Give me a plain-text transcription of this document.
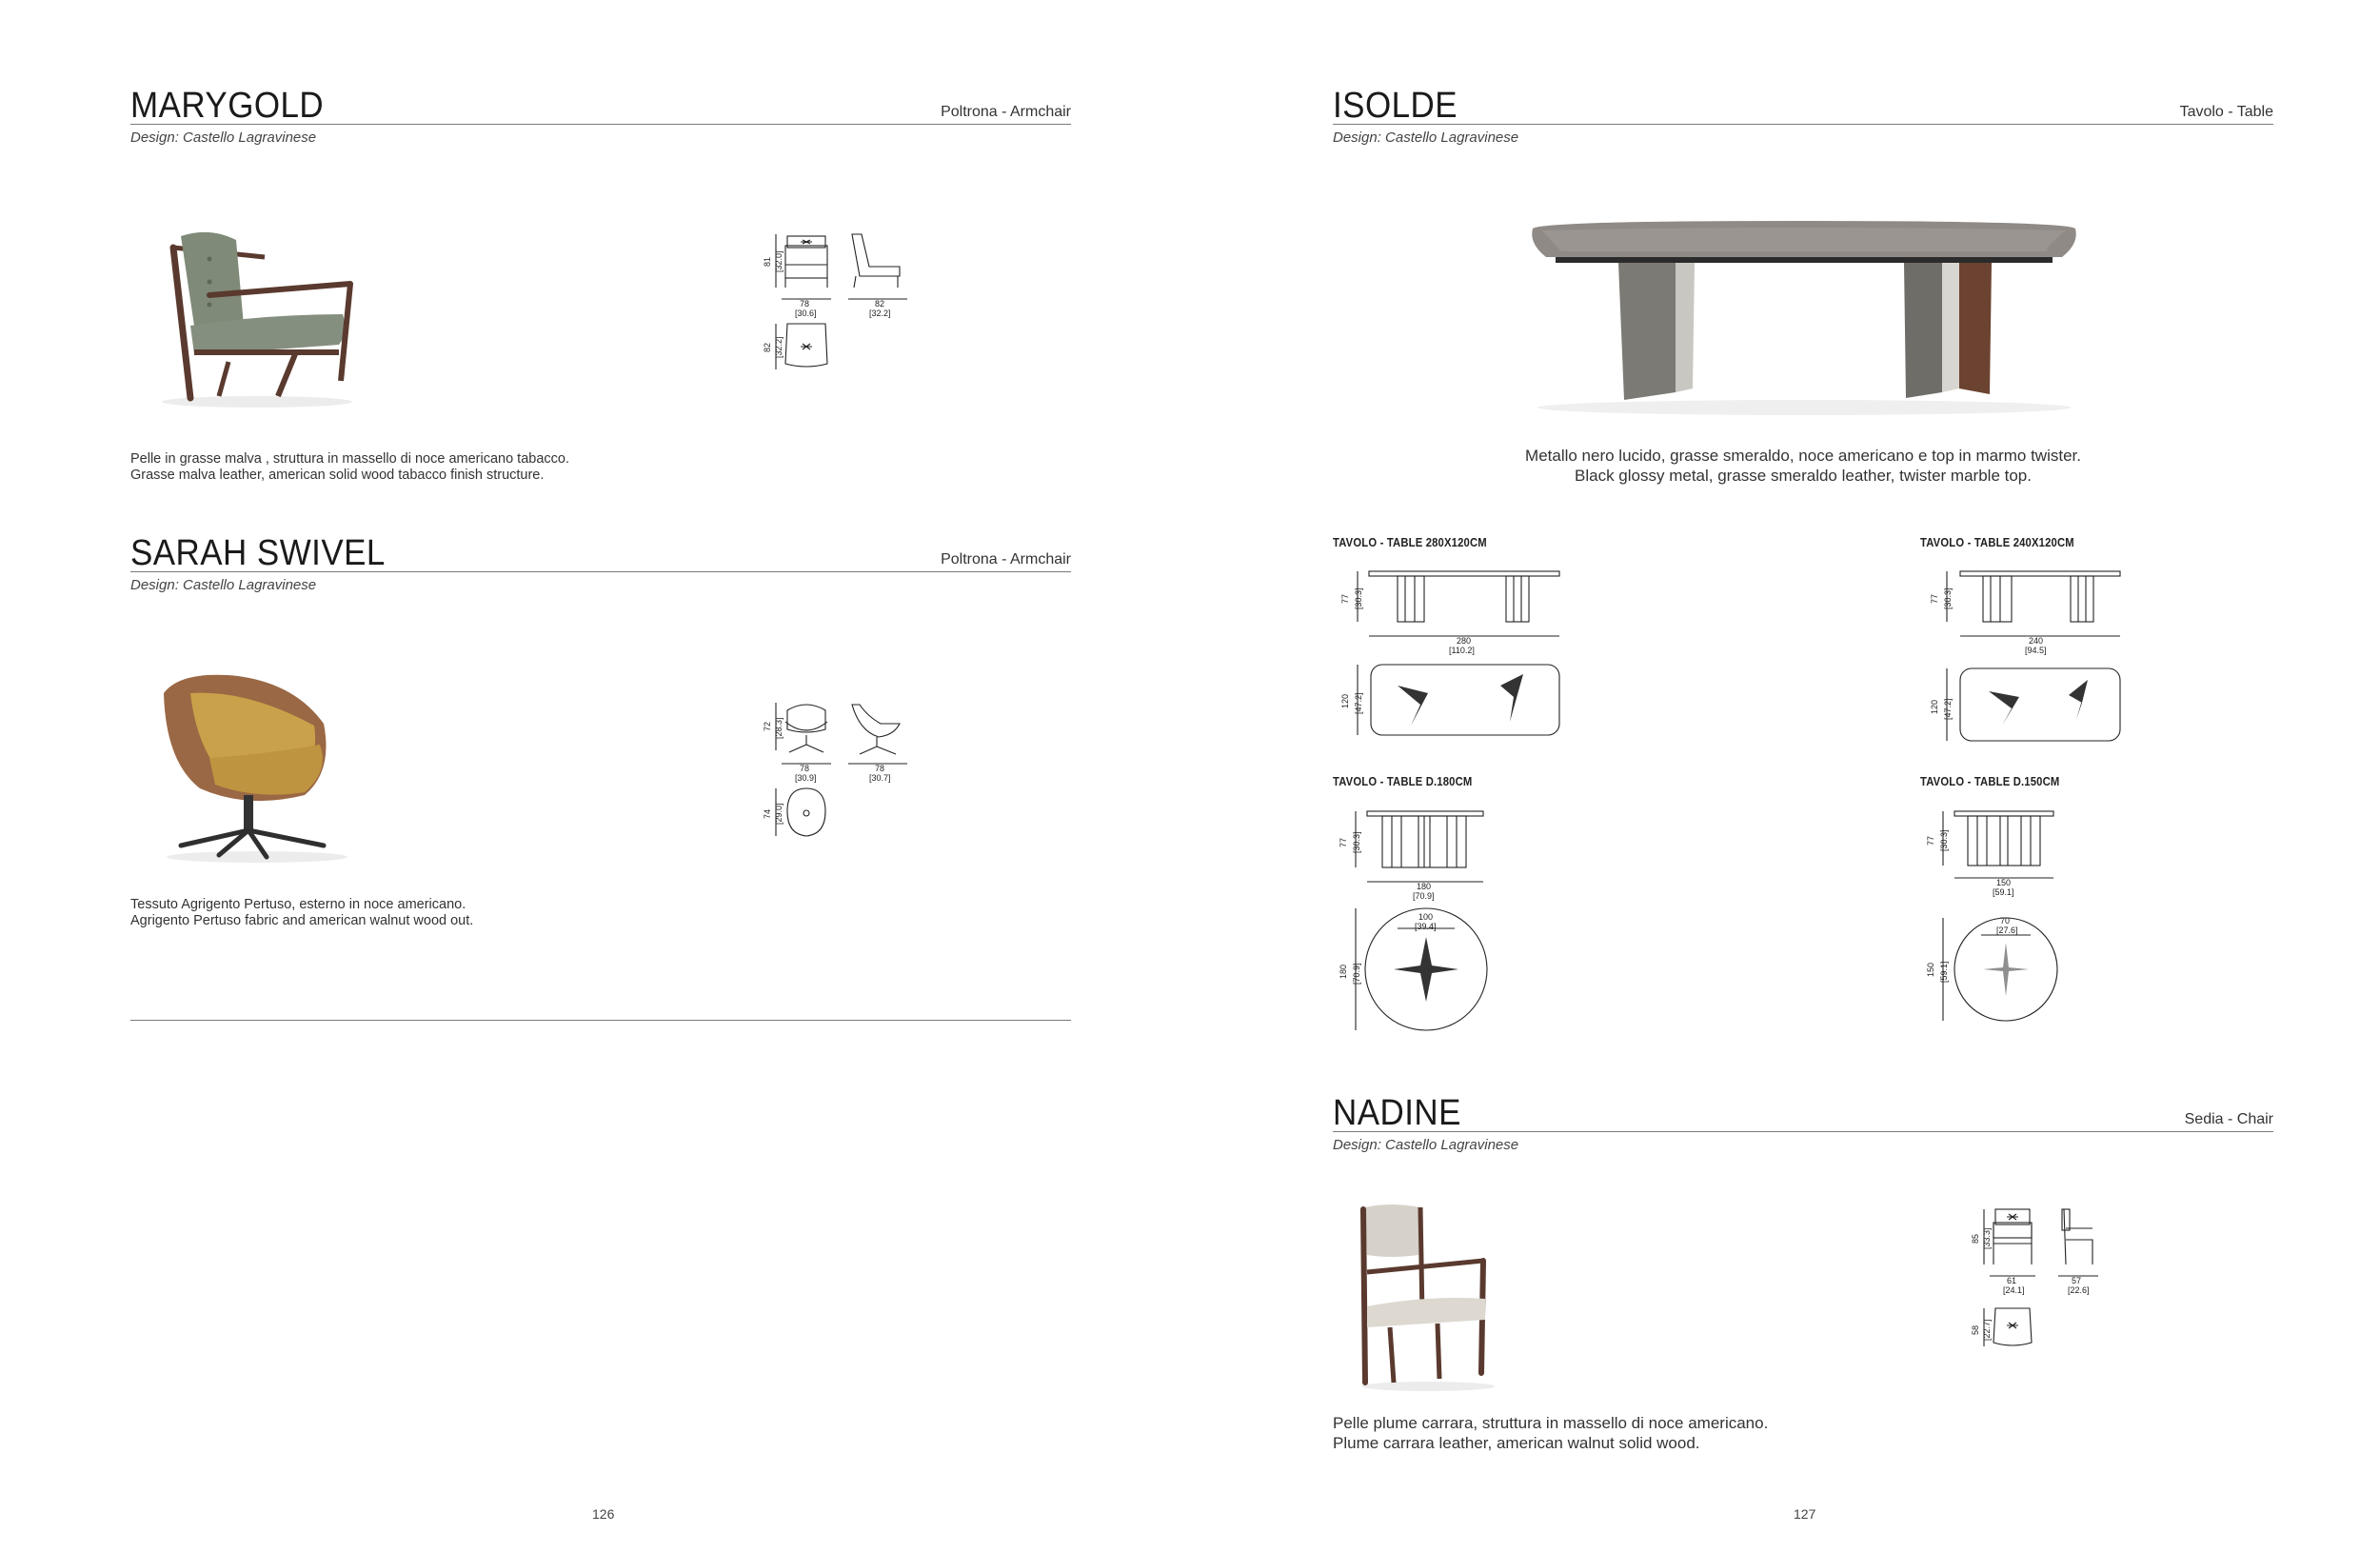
MARYGOLD	Poltrona - Armchair
Design: Castello Lagravinese
81 [32.0]
78
[30.6]
82
[32.2]
82 [32.2]
Pelle in grasse malva , struttura in massello di noce americano tabacco.
Grasse malva leather, american solid wood tabacco finish structure.
SARAH SWIVEL	Poltrona - Armchair
Design: Castello Lagravinese
72 [28.3]
78
[30.9]
78
[30.7]
74 [29.0]
Tessuto Agrigento Pertuso, esterno in noce americano.
Agrigento Pertuso fabric and american walnut wood out.
126
ISOLDE	Tavolo - Table
Design: Castello Lagravinese
Metallo nero lucido, grasse smeraldo, noce americano e top in marmo twister.
Black glossy metal, grasse smeraldo leather, twister marble top.
TAVOLO - TABLE 280X120CM	TAVOLO - TABLE 240X120CM
TAVOLO - TABLE D.180CM	TAVOLO - TABLE D.150CM
77 [30.3]
280
[110.2]
120 [47.2]
77 [30.3]
240
[94.5]
120 [47.2]
77 [30.3]
180
[70.9]
100
[39.4]
180 [70.9]
77 [30.3]
150
[59.1]
70
[27.6]
150 [59.1]
NADINE	Sedia - Chair
Design: Castello Lagravinese
85 [33.3]
61
[24.1]
57
[22.6]
58 [22.7]
Pelle plume carrara, struttura in massello di noce americano.
Plume carrara leather, american walnut solid wood.
127
